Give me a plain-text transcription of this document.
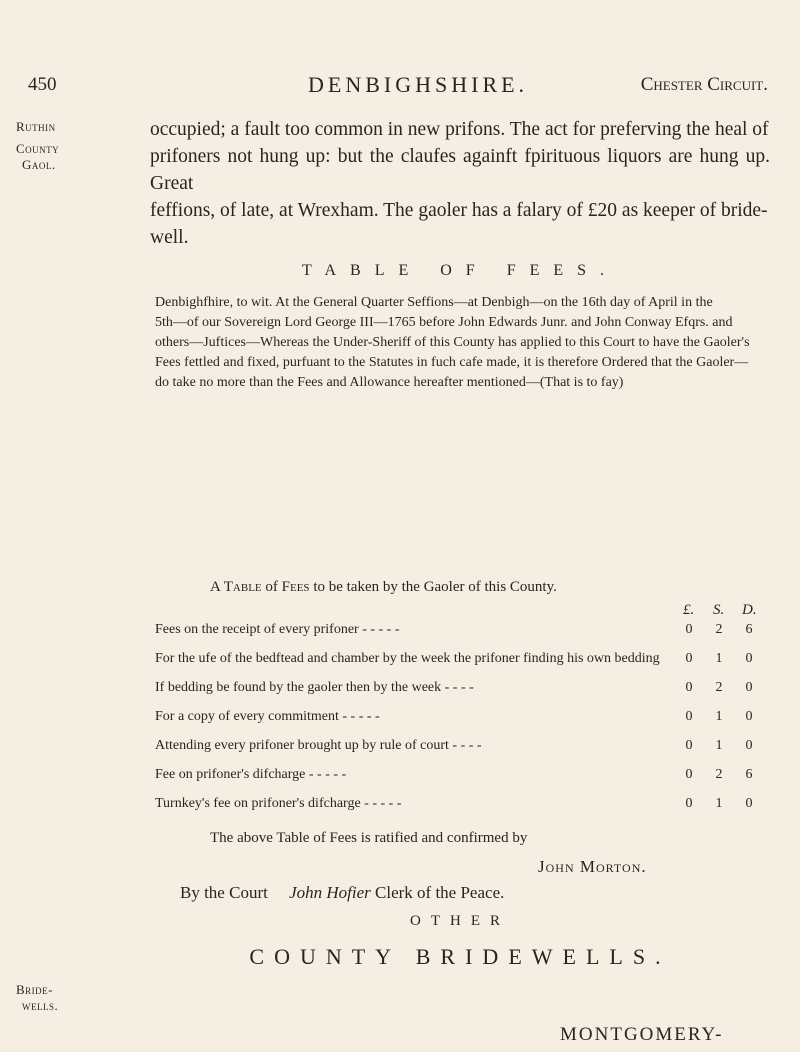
450	DENBIGHSHIRE.	Chester Circuit.
Ruthin
County
Gaol.
occupied; a fault too common in new prifons. The act for preferving the heal of
prifoners not hung up: but the claufes againft fpirituous liquors are hung up. Great
feffions, of late, at Wrexham. The gaoler has a falary of £20 as keeper of bride-
well.
TABLE OF FEES.
Denbighfhire, to wit. At the General Quarter Seffions—at Denbigh—on the 16th day of April in the
5th—of our Sovereign Lord George III—1765 before John Edwards Junr. and John Conway Efqrs. and
others—Juftices—Whereas the Under-Sheriff of this County has applied to this Court to have the Gaoler's
Fees fettled and fixed, purfuant to the Statutes in fuch cafe made, it is therefore Ordered that the Gaoler—
do take no more than the Fees and Allowance hereafter mentioned—(That is to fay)
A Table of Fees to be taken by the Gaoler of this County.
£. S. D.
Fees on the receipt of every prifoner - - - - -	0	2	6
For the ufe of the bedftead and chamber by the week the prifoner finding his own bedding	0	1	0
If bedding be found by the gaoler then by the week - - - -	0	2	0
For a copy of every commitment - - - - -	0	1	0
Attending every prifoner brought up by rule of court - - - -	0	1	0
Fee on prifoner's difcharge - - - - -	0	2	6
Turnkey's fee on prifoner's difcharge - - - - -	0	1	0
The above Table of Fees is ratified and confirmed by
John Morton.
By the Court John Hofier Clerk of the Peace.
OTHER
COUNTY BRIDEWELLS.
Bride-
wells.
MONTGOMERY-
